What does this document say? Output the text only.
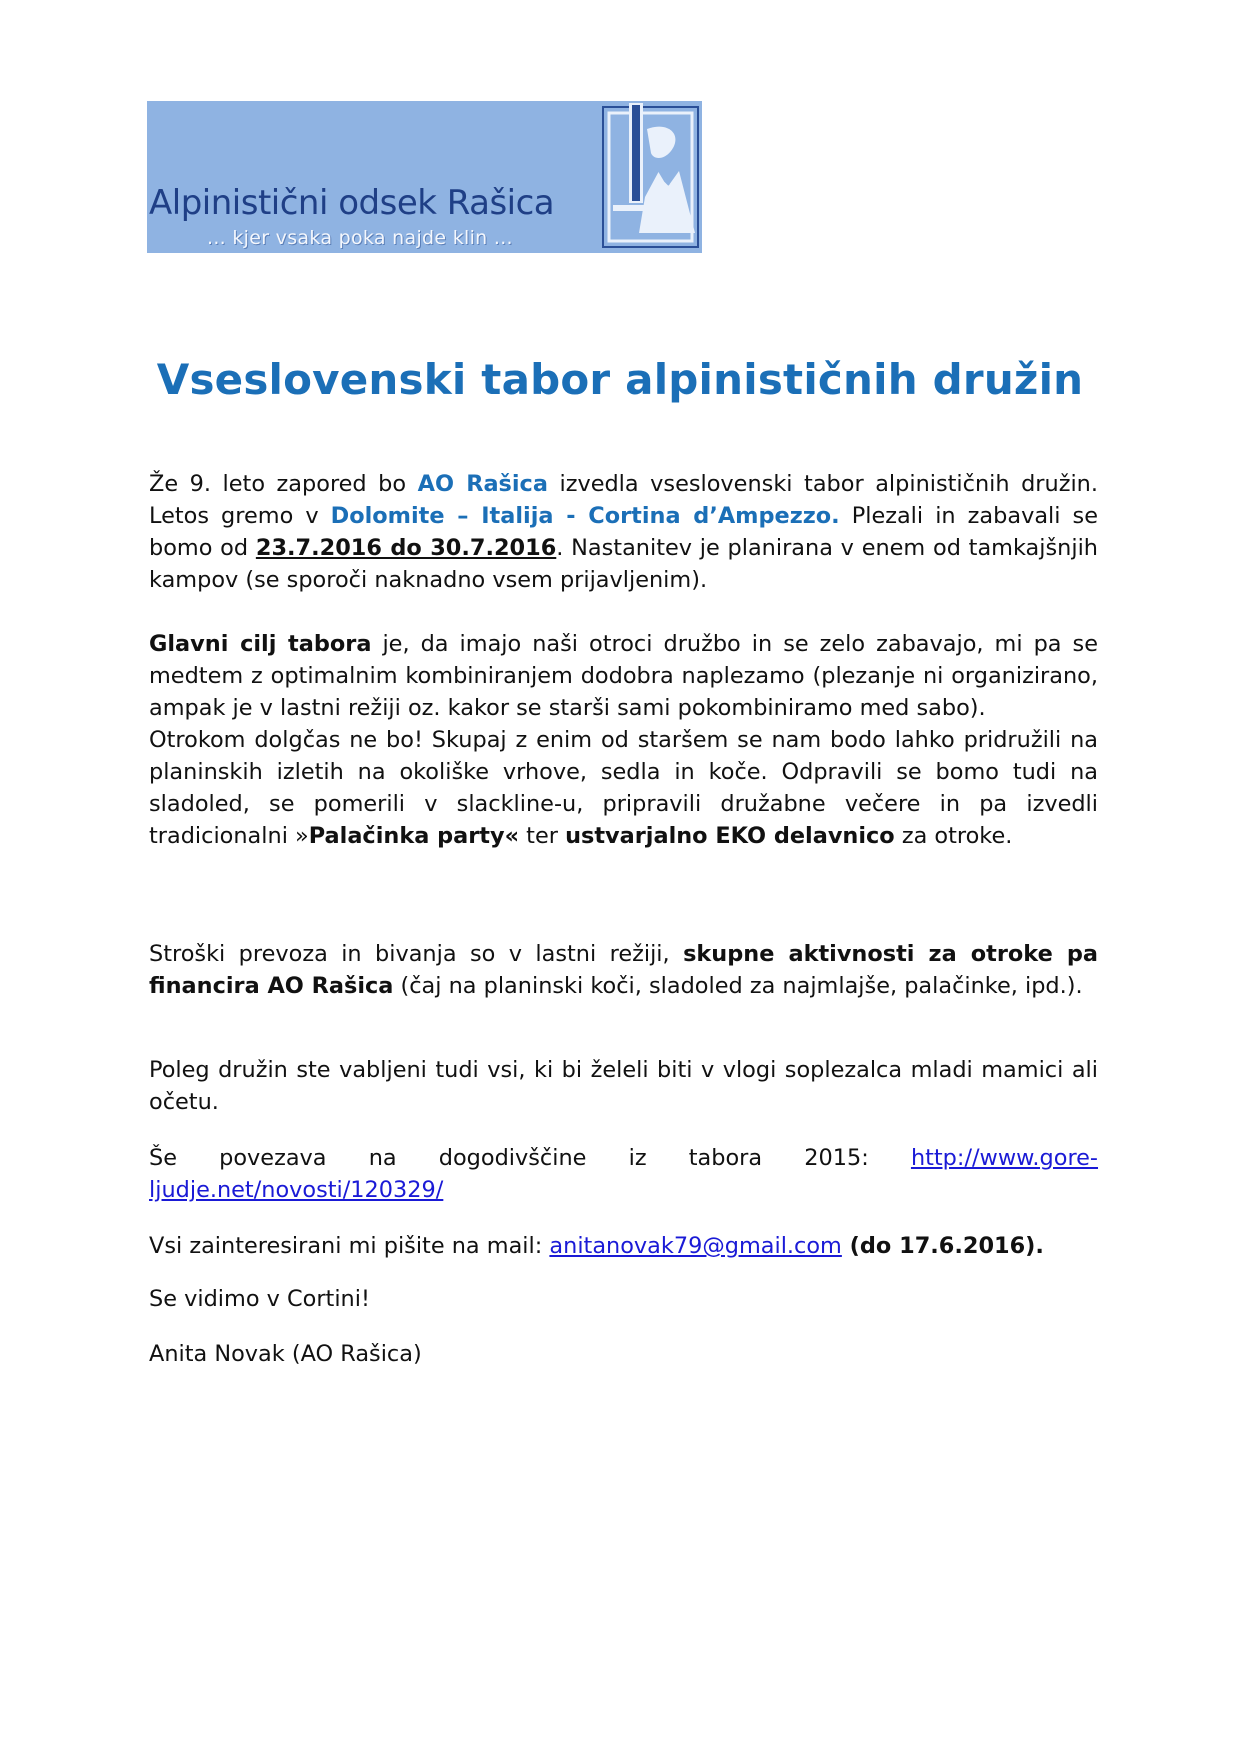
Alpinistični odsek Rašica
... kjer vsaka poka najde klin ...
Vseslovenski tabor alpinističnih družin

Že 9. leto zapored bo AO Rašica izvedla vseslovenski tabor alpinističnih družin. Letos gremo v Dolomite – Italija - Cortina d’Ampezzo. Plezali in zabavali se bomo od 23.7.2016 do 30.7.2016. Nastanitev je planirana v enem od tamkajšnjih kampov (se sporoči naknadno vsem prijavljenim).

Glavni cilj tabora je, da imajo naši otroci družbo in se zelo zabavajo, mi pa se medtem z optimalnim kombiniranjem dodobra naplezamo (plezanje ni organizirano, ampak je v lastni režiji oz. kakor se starši sami pokombiniramo med sabo).

Otrokom dolgčas ne bo! Skupaj z enim od staršem se nam bodo lahko pridružili na planinskih izletih na okoliške vrhove, sedla in koče. Odpravili se bomo tudi na sladoled, se pomerili v slackline-u, pripravili družabne večere in pa izvedli tradicionalni »Palačinka party« ter ustvarjalno EKO delavnico za otroke.

Stroški prevoza in bivanja so v lastni režiji, skupne aktivnosti za otroke pa financira AO Rašica (čaj na planinski koči, sladoled za najmlajše, palačinke, ipd.).

Poleg družin ste vabljeni tudi vsi, ki bi želeli biti v vlogi soplezalca mladi mamici ali očetu.

Še povezava na dogodivščine iz tabora 2015: http://www.gore-

ljudje.net/novosti/120329/

Vsi zainteresirani mi pišite na mail: anitanovak79@gmail.com (do 17.6.2016).

Se vidimo v Cortini!

Anita Novak (AO Rašica)
